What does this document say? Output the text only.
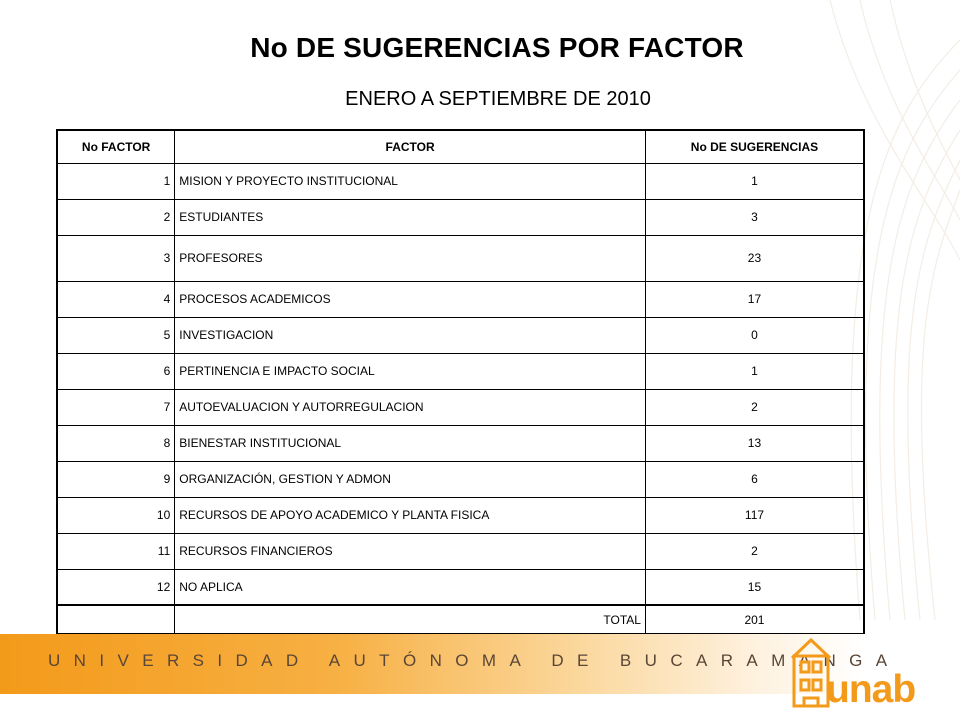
No DE SUGERENCIAS POR FACTOR
ENERO A SEPTIEMBRE DE 2010
No FACTOR	FACTOR	No DE SUGERENCIAS
1	MISION Y PROYECTO INSTITUCIONAL	1
2	ESTUDIANTES	3
3	PROFESORES	23
4	PROCESOS ACADEMICOS	17
5	INVESTIGACION	0
6	PERTINENCIA E IMPACTO SOCIAL	1
7	AUTOEVALUACION Y AUTORREGULACION	2
8	BIENESTAR INSTITUCIONAL	13
9	ORGANIZACIÓN, GESTION Y ADMON	6
10	RECURSOS DE APOYO ACADEMICO Y PLANTA FISICA	117
11	RECURSOS FINANCIEROS	2
12	NO APLICA	15
	TOTAL	201
UNIVERSIDAD AUTÓNOMA DE BUCARAMANGA
unab
